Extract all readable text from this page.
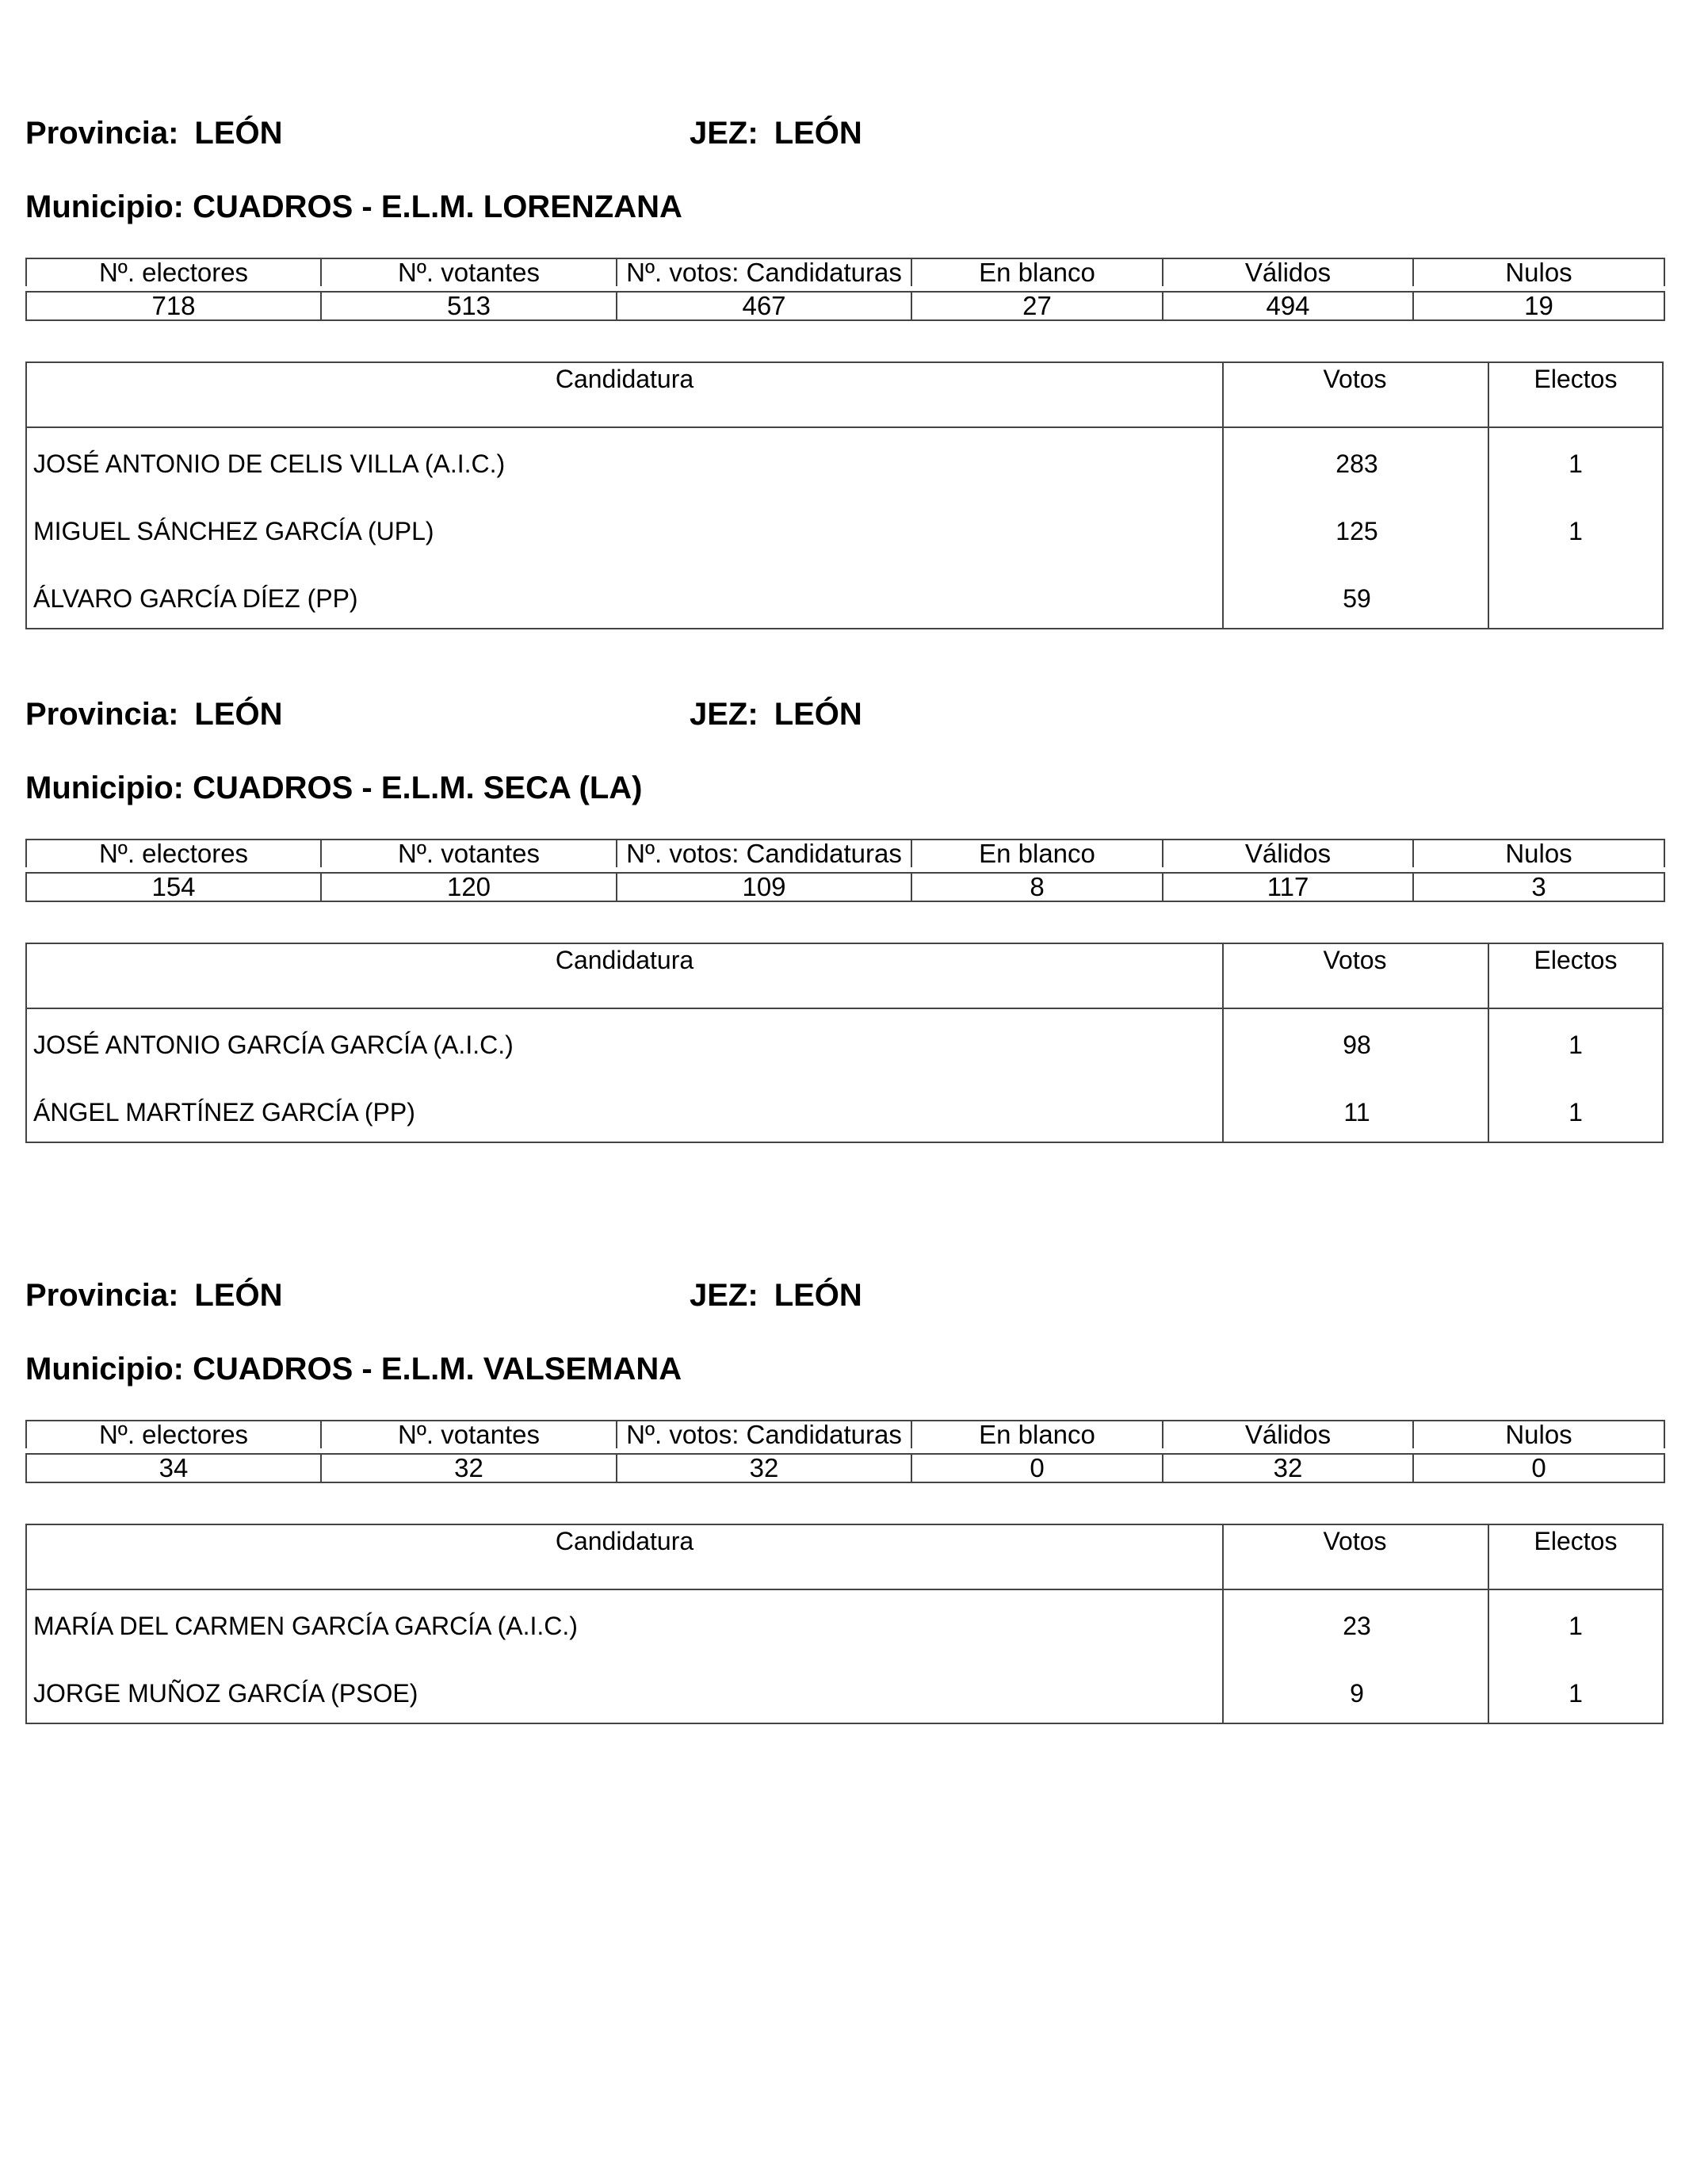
Provincia: LEÓN	JEZ: LEÓN
Municipio: CUADROS - E.L.M. LORENZANA
Nº. electores	Nº. votantes	Nº. votos: Candidaturas	En blanco	Válidos	Nulos

718	513	467	27	494	19
Candidatura	Votos	Electos
JOSÉ ANTONIO DE CELIS VILLA (A.I.C.)	283	1
MIGUEL SÁNCHEZ GARCÍA (UPL)	125	1
ÁLVARO GARCÍA DÍEZ (PP)	59
Provincia: LEÓN	JEZ: LEÓN
Municipio: CUADROS - E.L.M. SECA (LA)
Nº. electores	Nº. votantes	Nº. votos: Candidaturas	En blanco	Válidos	Nulos

154	120	109	8	117	3
Candidatura	Votos	Electos
JOSÉ ANTONIO GARCÍA GARCÍA (A.I.C.)	98	1
ÁNGEL MARTÍNEZ GARCÍA (PP)	11	1
Provincia: LEÓN	JEZ: LEÓN
Municipio: CUADROS - E.L.M. VALSEMANA
Nº. electores	Nº. votantes	Nº. votos: Candidaturas	En blanco	Válidos	Nulos

34	32	32	0	32	0
Candidatura	Votos	Electos
MARÍA DEL CARMEN GARCÍA GARCÍA (A.I.C.)	23	1
JORGE MUÑOZ GARCÍA (PSOE)	9	1
